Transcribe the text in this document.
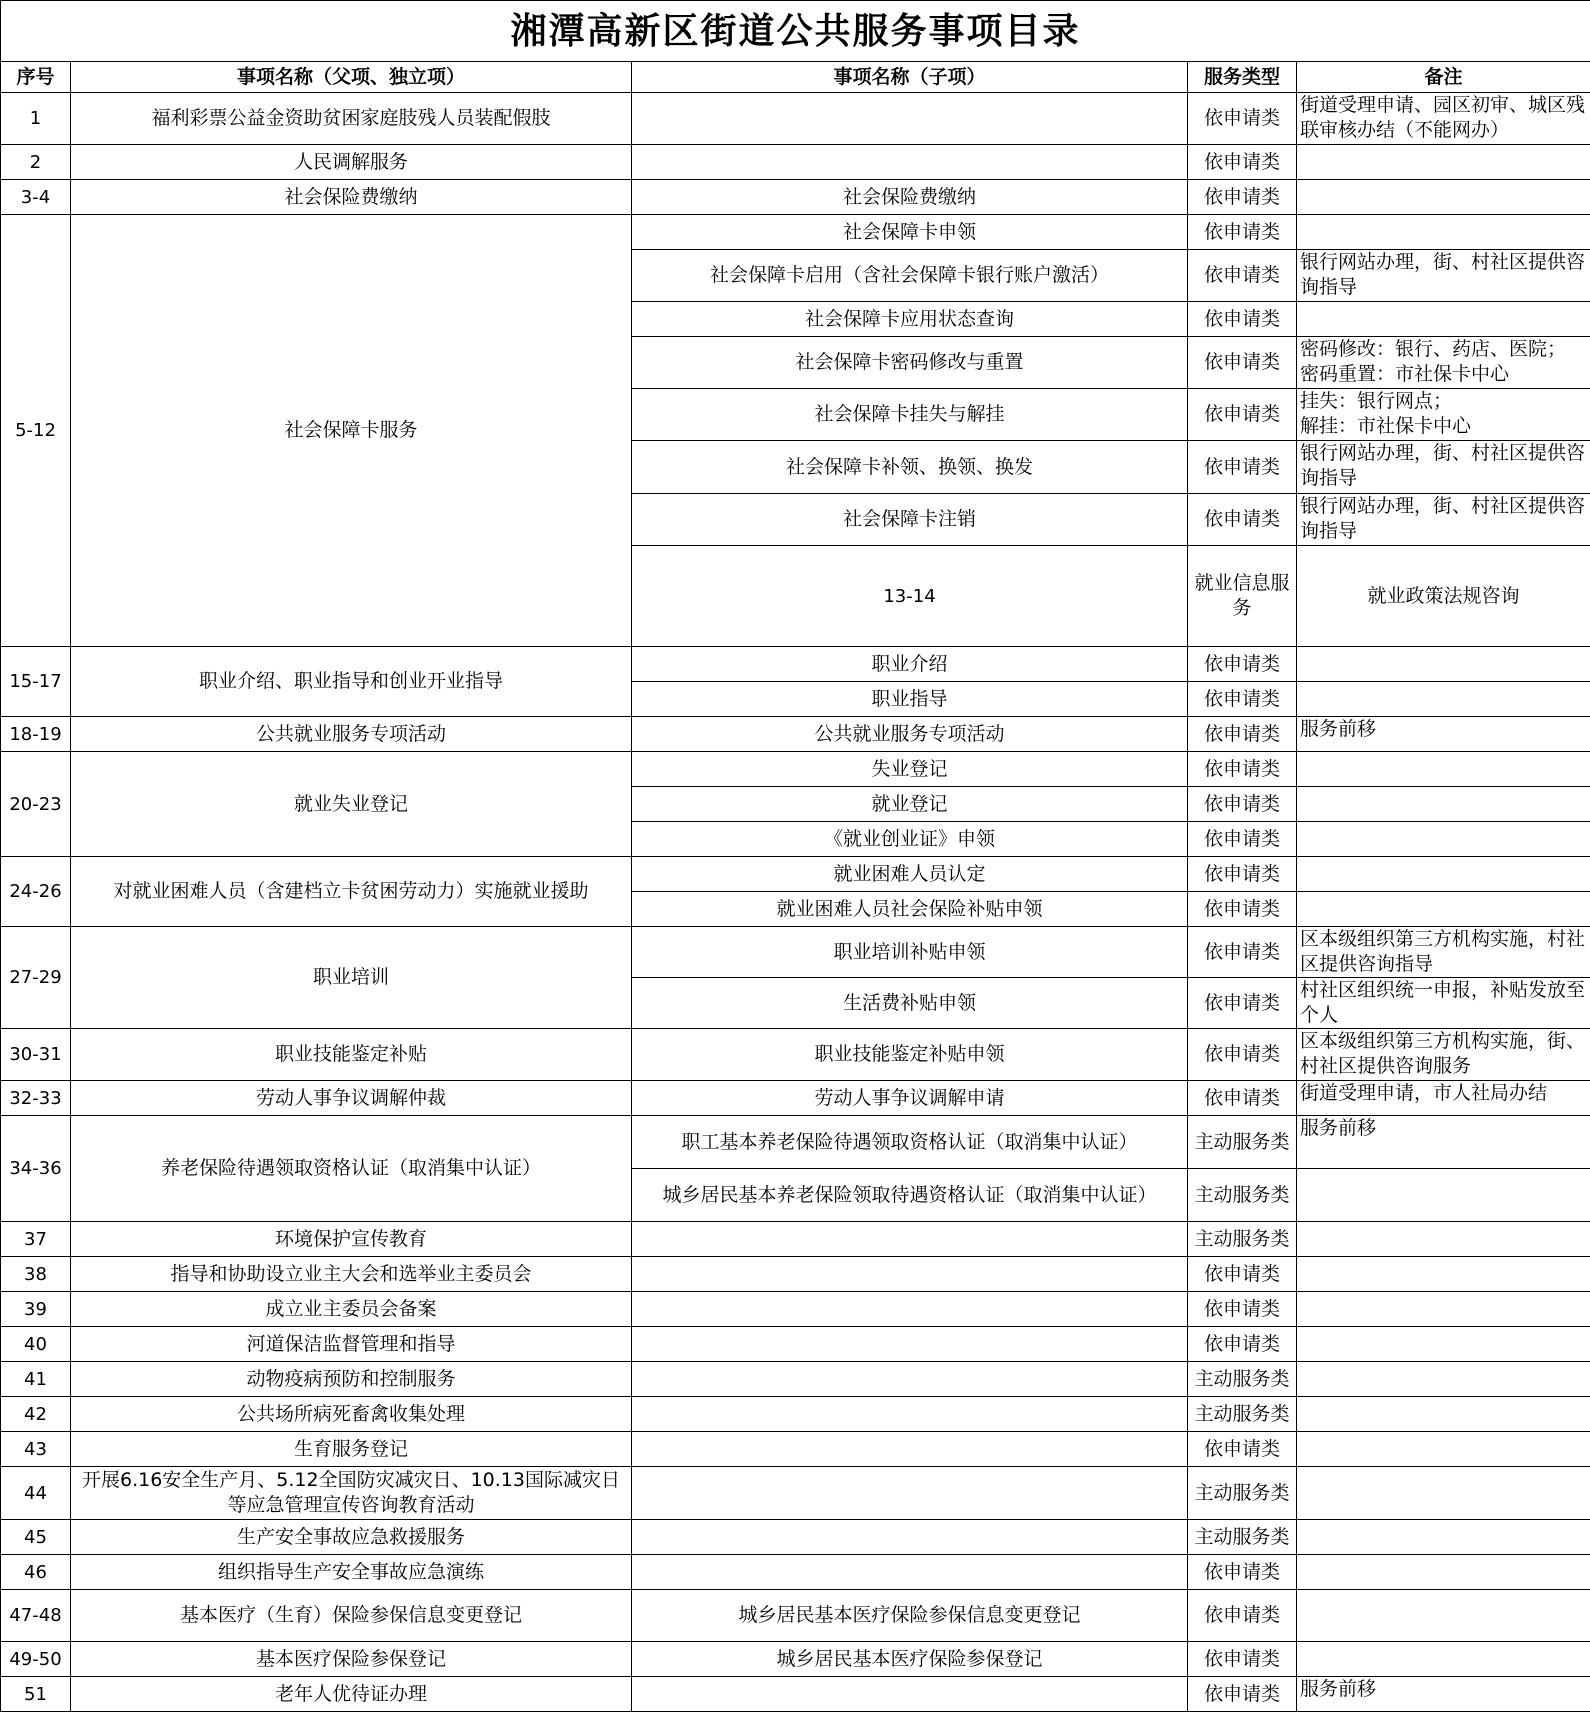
湘潭高新区街道公共服务事项目录					
序号	事项名称（父项、独立项）	事项名称（子项）	服务类型	备注	
1	福利彩票公益金资助贫困家庭肢残人员装配假肢		依申请类	街道受理申请、园区初审、城区残联审核办结（不能网办）	
2	人民调解服务		依申请类		
3-4	社会保险费缴纳	社会保险费缴纳	依申请类		
5-12	社会保障卡服务	社会保障卡申领	依申请类		
		社会保障卡启用（含社会保障卡银行账户激活）	依申请类	银行网站办理，街、村社区提供咨询指导	
		社会保障卡应用状态查询	依申请类		
		社会保障卡密码修改与重置	依申请类	密码修改：银行、药店、医院；
密码重置：市社保卡中心	
		社会保障卡挂失与解挂	依申请类	挂失：银行网点；
解挂：市社保卡中心	
		社会保障卡补领、换领、换发	依申请类	银行网站办理，街、村社区提供咨询指导	
		社会保障卡注销	依申请类	银行网站办理，街、村社区提供咨询指导	
		13-14	就业信息服务	就业政策法规咨询		
15-17	职业介绍、职业指导和创业开业指导	职业介绍	依申请类		
		职业指导	依申请类		
18-19	公共就业服务专项活动	公共就业服务专项活动	依申请类	服务前移	
20-23	就业失业登记	失业登记	依申请类		
		就业登记	依申请类		
		《就业创业证》申领	依申请类		
24-26	对就业困难人员（含建档立卡贫困劳动力）实施就业援助	就业困难人员认定	依申请类		
		就业困难人员社会保险补贴申领	依申请类		
27-29	职业培训	职业培训补贴申领	依申请类	区本级组织第三方机构实施，村社区提供咨询指导	
		生活费补贴申领	依申请类	村社区组织统一申报，补贴发放至个人	
30-31	职业技能鉴定补贴	职业技能鉴定补贴申领	依申请类	区本级组织第三方机构实施，街、村社区提供咨询服务	
32-33	劳动人事争议调解仲裁	劳动人事争议调解申请	依申请类	街道受理申请，市人社局办结	
34-36	养老保险待遇领取资格认证（取消集中认证）	职工基本养老保险待遇领取资格认证（取消集中认证）	主动服务类	服务前移	
		城乡居民基本养老保险领取待遇资格认证（取消集中认证）	主动服务类		
37	环境保护宣传教育		主动服务类		
38	指导和协助设立业主大会和选举业主委员会		依申请类		
39	成立业主委员会备案		依申请类		
40	河道保洁监督管理和指导		依申请类		
41	动物疫病预防和控制服务		主动服务类		
42	公共场所病死畜禽收集处理		主动服务类		
43	生育服务登记		依申请类		
44	开展6.16安全生产月、5.12全国防灾减灾日、10.13国际减灾日等应急管理宣传咨询教育活动		主动服务类		
45	生产安全事故应急救援服务		主动服务类		
46	组织指导生产安全事故应急演练		依申请类		
47-48	基本医疗（生育）保险参保信息变更登记	城乡居民基本医疗保险参保信息变更登记	依申请类		
49-50	基本医疗保险参保登记	城乡居民基本医疗保险参保登记	依申请类		
51	老年人优待证办理		依申请类	服务前移	
